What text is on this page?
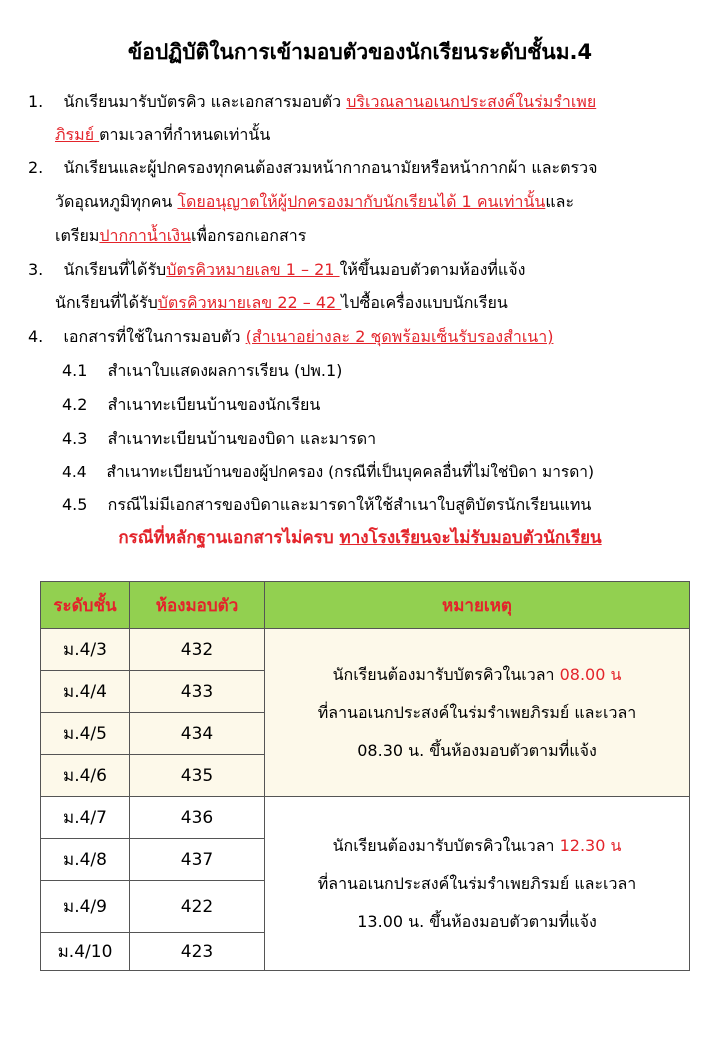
ข้อปฏิบัติในการเข้ามอบตัวของนักเรียนระดับชั้นม.4
1. นักเรียนมารับบัตรคิว และเอกสารมอบตัว บริเวณลานอเนกประสงค์ในร่มรำเพย
ภิรมย์ ตามเวลาที่กำหนดเท่านั้น
2. นักเรียนและผู้ปกครองทุกคนต้องสวมหน้ากากอนามัยหรือหน้ากากผ้า และตรวจ
วัดอุณหภูมิทุกคน โดยอนุญาตให้ผู้ปกครองมากับนักเรียนได้ 1 คนเท่านั้นและ
เตรียมปากกาน้ำเงินเพื่อกรอกเอกสาร
3. นักเรียนที่ได้รับบัตรคิวหมายเลข 1 – 21 ให้ขึ้นมอบตัวตามห้องที่แจ้ง
นักเรียนที่ได้รับบัตรคิวหมายเลข 22 – 42 ไปซื้อเครื่องแบบนักเรียน
4. เอกสารที่ใช้ในการมอบตัว (สำเนาอย่างละ 2 ชุดพร้อมเซ็นรับรองสำเนา)
4.1 สำเนาใบแสดงผลการเรียน (ปพ.1)
4.2 สำเนาทะเบียนบ้านของนักเรียน
4.3 สำเนาทะเบียนบ้านของบิดา และมารดา
4.4 สำเนาทะเบียนบ้านของผู้ปกครอง (กรณีที่เป็นบุคคลอื่นที่ไม่ใช่บิดา มารดา)
4.5 กรณีไม่มีเอกสารของบิดาและมารดาให้ใช้สำเนาใบสูติบัตรนักเรียนแทน
กรณีที่หลักฐานเอกสารไม่ครบ ทางโรงเรียนจะไม่รับมอบตัวนักเรียน
ระดับชั้น	ห้องมอบตัว	หมายเหตุ
ม.4/3	432	นักเรียนต้องมารับบัตรคิวในเวลา 08.00 น
ที่ลานอเนกประสงค์ในร่มรำเพยภิรมย์ และเวลา
08.30 น. ขึ้นห้องมอบตัวตามที่แจ้ง

ม.4/4	433	
ม.4/5	434	
ม.4/6	435	
ม.4/7	436	นักเรียนต้องมารับบัตรคิวในเวลา 12.30 น
ที่ลานอเนกประสงค์ในร่มรำเพยภิรมย์ และเวลา
13.00 น. ขึ้นห้องมอบตัวตามที่แจ้ง

ม.4/8	437	
ม.4/9	422	
ม.4/10	423	
